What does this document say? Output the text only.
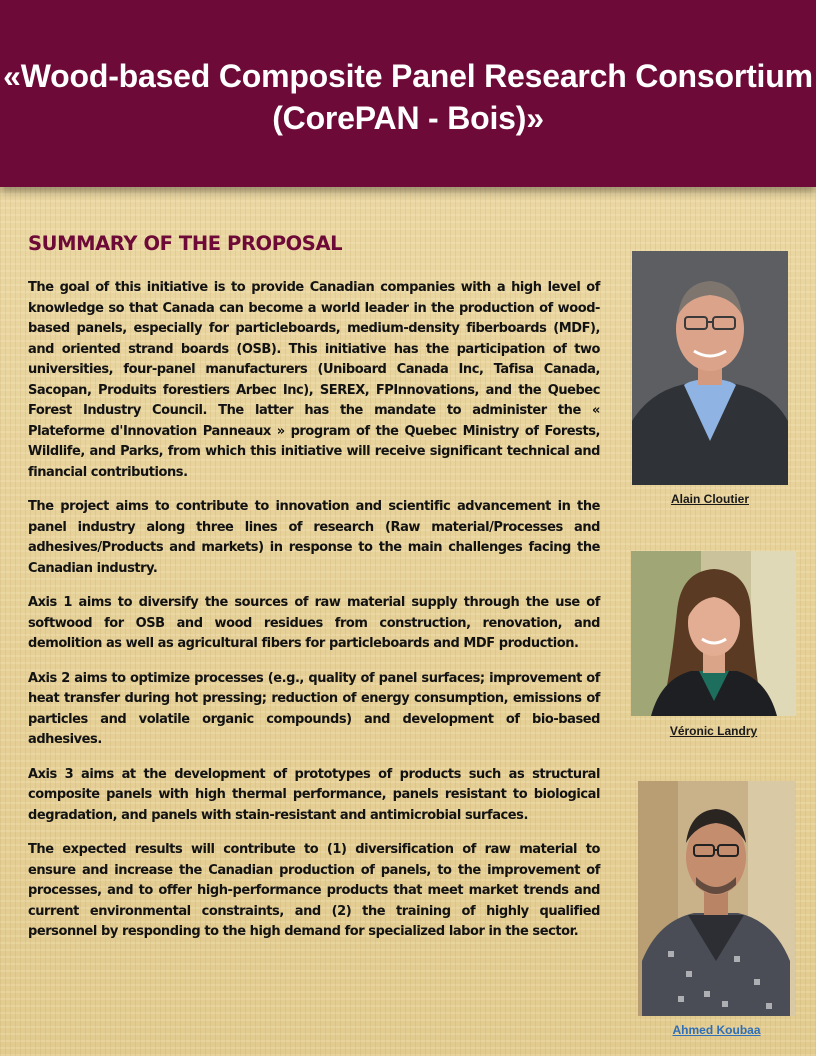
«Wood-based Composite Panel Research Consortium
(CorePAN - Bois)»
SUMMARY OF THE PROPOSAL

The goal of this initiative is to provide Canadian companies with a high level of knowledge so that Canada can become a world leader in the production of wood-based panels, especially for particleboards, medium-density fiberboards (MDF), and oriented strand boards (OSB). This initiative has the participation of two universities, four-panel manufacturers (Uniboard Canada Inc, Tafisa Canada, Sacopan, Produits forestiers Arbec Inc), SEREX, FPInnovations, and the Quebec Forest Industry Council. The latter has the mandate to administer the « Plateforme d'Innovation Panneaux » program of the Quebec Ministry of Forests, Wildlife, and Parks, from which this initiative will receive significant technical and financial contributions.

The project aims to contribute to innovation and scientific advancement in the panel industry along three lines of research (Raw material/Processes and adhesives/Products and markets) in response to the main challenges facing the Canadian industry.

Axis 1 aims to diversify the sources of raw material supply through the use of softwood for OSB and wood residues from construction, renovation, and demolition as well as agricultural fibers for particleboards and MDF production.

Axis 2 aims to optimize processes (e.g., quality of panel surfaces; improvement of heat transfer during hot pressing; reduction of energy consumption, emissions of particles and volatile organic compounds) and development of bio-based adhesives.

Axis 3 aims at the development of prototypes of products such as structural composite panels with high thermal performance, panels resistant to biological degradation, and panels with stain-resistant and antimicrobial surfaces.

The expected results will contribute to (1) diversification of raw material to ensure and increase the Canadian production of panels, to the improvement of processes, and to offer high-performance products that meet market trends and current environmental constraints, and (2) the training of highly qualified personnel by responding to the high demand for specialized labor in the sector.

Alain Cloutier
Véronic Landry
Ahmed Koubaa
